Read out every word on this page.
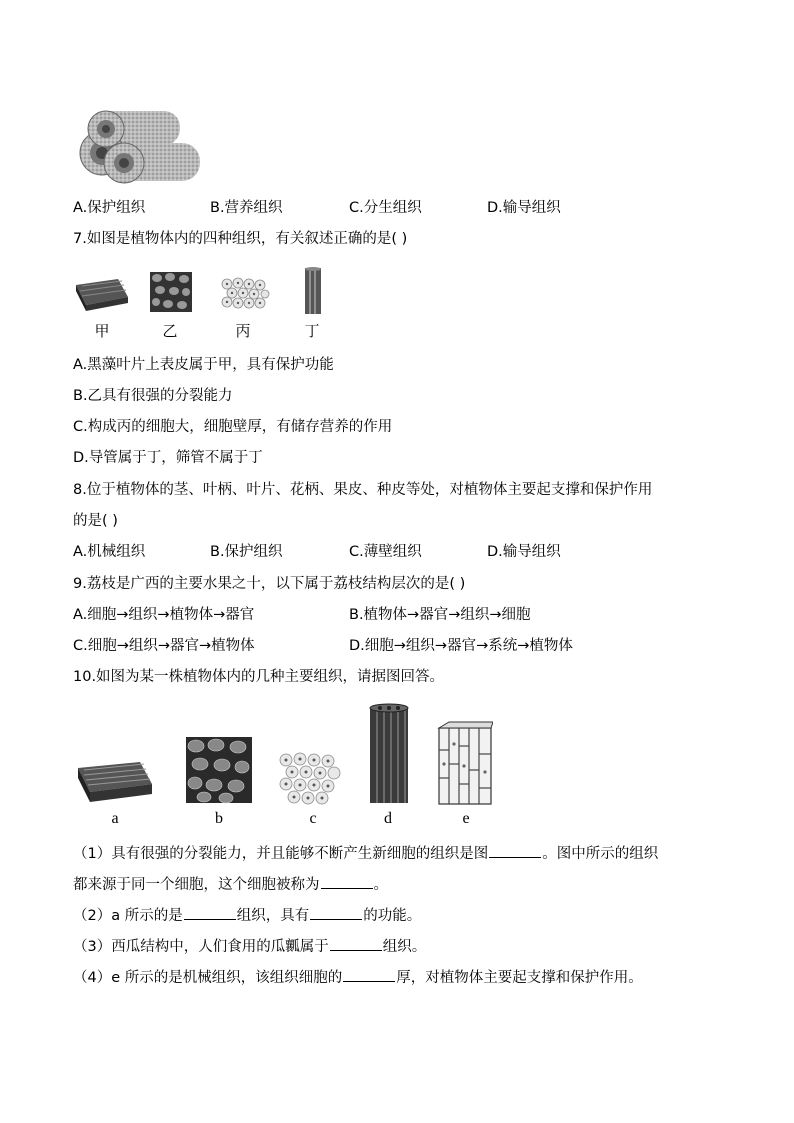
A.保护组织	B.营养组织	C.分生组织	D.输导组织
7.如图是植物体内的四种组织，有关叙述正确的是( )
甲	乙	丙	丁
A.黑藻叶片上表皮属于甲，具有保护功能
B.乙具有很强的分裂能力
C.构成丙的细胞大，细胞壁厚，有储存营养的作用
D.导管属于丁，筛管不属于丁
8.位于植物体的茎、叶柄、叶片、花柄、果皮、种皮等处，对植物体主要起支撑和保护作用
的是( )
A.机械组织	B.保护组织	C.薄壁组织	D.输导组织
9.荔枝是广西的主要水果之十，以下属于荔枝结构层次的是( )
A.细胞→组织→植物体→器官	B.植物体→器官→组织→细胞
C.细胞→组织→器官→植物体	D.细胞→组织→器官→系统→植物体
10.如图为某一株植物体内的几种主要组织，请据图回答。
a	b	c	d	e
（1）具有很强的分裂能力，并且能够不断产生新细胞的组织是图	。图中所示的组织
都来源于同一个细胞，这个细胞被称为	。
（2）a 所示的是	组织，具有	的功能。
（3）西瓜结构中，人们食用的瓜瓤属于	组织。
（4）e 所示的是机械组织，该组织细胞的	厚，对植物体主要起支撑和保护作用。
